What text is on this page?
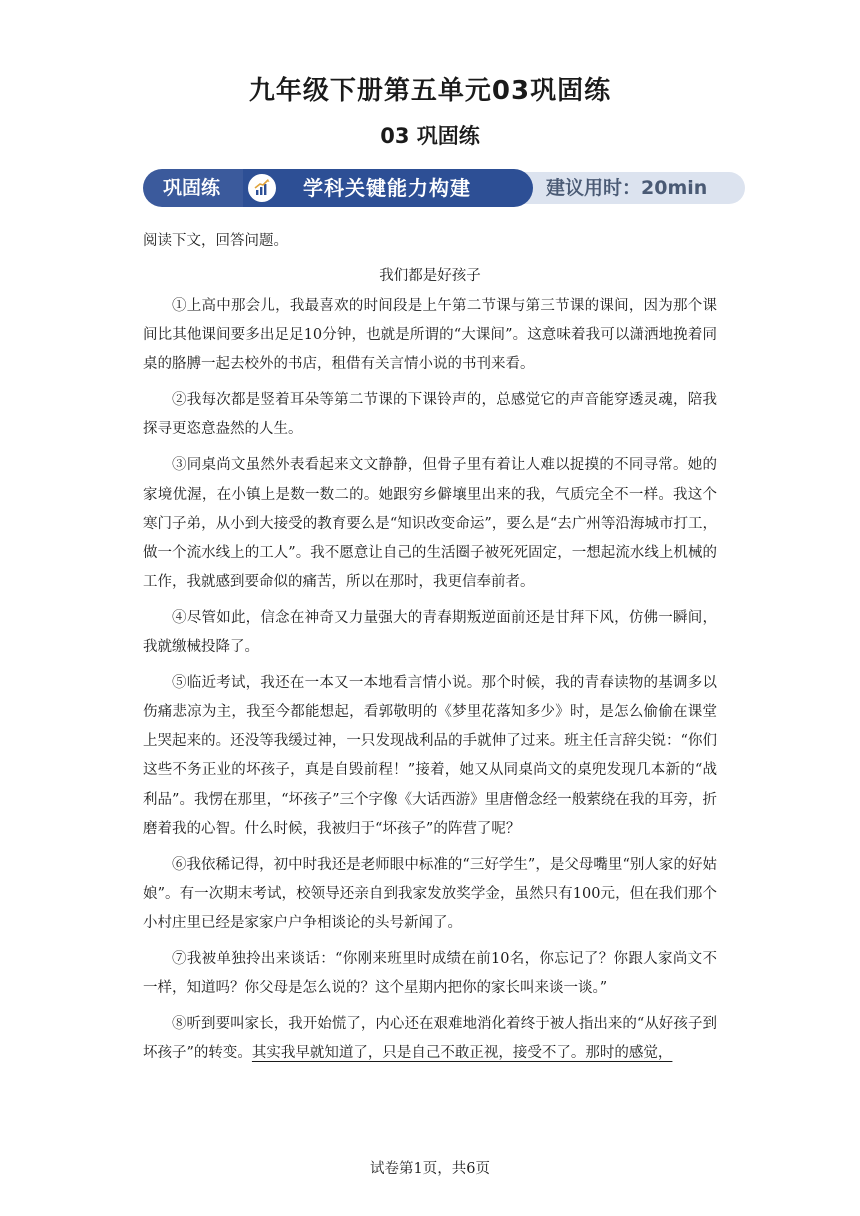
九年级下册第五单元03巩固练
03 巩固练
巩固练	学科关键能力构建	建议用时：20min
阅读下文，回答问题。
我们都是好孩子

①上高中那会儿，我最喜欢的时间段是上午第二节课与第三节课的课间，因为那个课间比其他课间要多出足足10分钟，也就是所谓的“大课间”。这意味着我可以潇洒地挽着同桌的胳膊一起去校外的书店，租借有关言情小说的书刊来看。

②我每次都是竖着耳朵等第二节课的下课铃声的，总感觉它的声音能穿透灵魂，陪我探寻更恣意盎然的人生。

③同桌尚文虽然外表看起来文文静静，但骨子里有着让人难以捉摸的不同寻常。她的家境优渥，在小镇上是数一数二的。她跟穷乡僻壤里出来的我，气质完全不一样。我这个寒门子弟，从小到大接受的教育要么是“知识改变命运”，要么是“去广州等沿海城市打工，做一个流水线上的工人”。我不愿意让自己的生活圈子被死死固定，一想起流水线上机械的工作，我就感到要命似的痛苦，所以在那时，我更信奉前者。

④尽管如此，信念在神奇又力量强大的青春期叛逆面前还是甘拜下风，仿佛一瞬间，我就缴械投降了。

⑤临近考试，我还在一本又一本地看言情小说。那个时候，我的青春读物的基调多以伤痛悲凉为主，我至今都能想起，看郭敬明的《梦里花落知多少》时，是怎么偷偷在课堂上哭起来的。还没等我缓过神，一只发现战利品的手就伸了过来。班主任言辞尖锐：“你们这些不务正业的坏孩子，真是自毁前程！”接着，她又从同桌尚文的桌兜发现几本新的“战利品”。我愣在那里，“坏孩子”三个字像《大话西游》里唐僧念经一般萦绕在我的耳旁，折磨着我的心智。什么时候，我被归于“坏孩子”的阵营了呢？

⑥我依稀记得，初中时我还是老师眼中标准的“三好学生”，是父母嘴里“别人家的好姑娘”。有一次期末考试，校领导还亲自到我家发放奖学金，虽然只有100元，但在我们那个小村庄里已经是家家户户争相谈论的头号新闻了。

⑦我被单独拎出来谈话：“你刚来班里时成绩在前10名，你忘记了？你跟人家尚文不一样，知道吗？你父母是怎么说的？这个星期内把你的家长叫来谈一谈。”

⑧听到要叫家长，我开始慌了，内心还在艰难地消化着终于被人指出来的“从好孩子到坏孩子”的转变。其实我早就知道了，只是自己不敢正视，接受不了。那时的感觉，

试卷第1页，共6页
